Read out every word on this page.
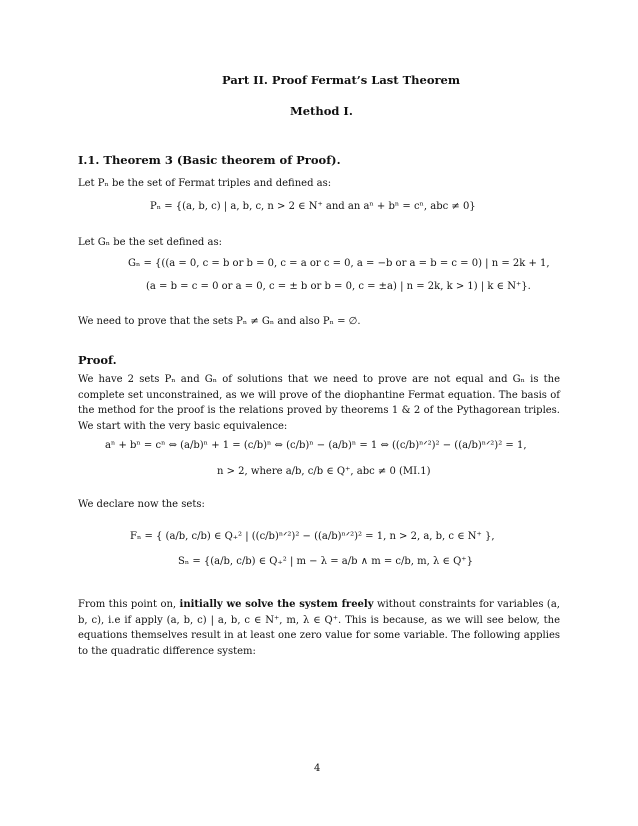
Part II. Proof Fermat’s Last Theorem
Method I.
I.1. Theorem 3 (Basic theorem of Proof).
Let Pₙ be the set of Fermat triples and defined as:
Pₙ = {(a, b, c) | a, b, c, n > 2 ∈ N⁺ and an aⁿ + bⁿ = cⁿ, abc ≠ 0}
Let Gₙ be the set defined as:
Gₙ = {((a = 0, c = b or b = 0, c = a or c = 0, a = −b or a = b = c = 0) | n = 2k + 1,
(a = b = c = 0 or a = 0, c = ± b or b = 0, c = ±a) | n = 2k, k > 1) | k ∈ N⁺}.
We need to prove that the sets Pₙ ≠ Gₙ and also Pₙ = ∅.
Proof.
We have 2 sets Pₙ and Gₙ of solutions that we need to prove are not equal and Gₙ is the complete set unconstrained, as we will prove of the diophantine Fermat equation. The basis of the method for the proof is the relations proved by theorems 1 & 2 of the Pythagorean triples. We start with the very basic equivalence:
aⁿ + bⁿ = cⁿ ⇔ (a/b)ⁿ + 1 = (c/b)ⁿ ⇔ (c/b)ⁿ − (a/b)ⁿ = 1 ⇔ ((c/b)ⁿᐟ²)² − ((a/b)ⁿᐟ²)² = 1,
n > 2, where a/b, c/b ∈ Q⁺, abc ≠ 0 (MI.1)
We declare now the sets:
Fₙ = { (a/b, c/b) ∈ Q₊² | ((c/b)ⁿᐟ²)² − ((a/b)ⁿᐟ²)² = 1, n > 2, a, b, c ∈ N⁺ },
Sₙ = {(a/b, c/b) ∈ Q₊² | m − λ = a/b ∧ m = c/b, m, λ ∈ Q⁺}
From this point on, initially we solve the system freely without constraints for variables (a, b, c), i.e if apply (a, b, c) | a, b, c ∈ N⁺, m, λ ∈ Q⁺. This is because, as we will see below, the equations themselves result in at least one zero value for some variable. The following applies to the quadratic difference system:
4
